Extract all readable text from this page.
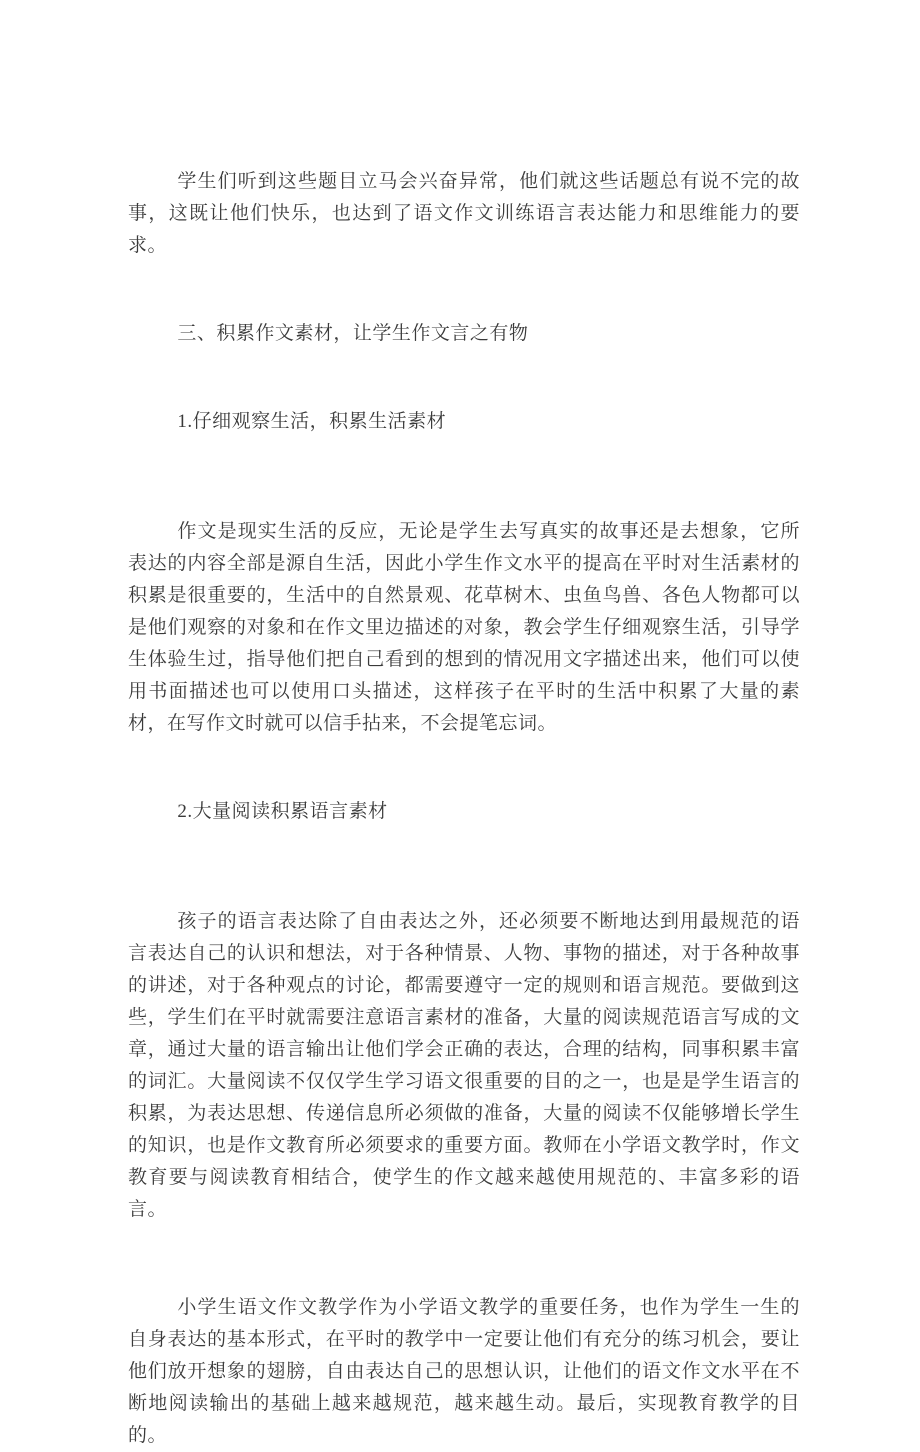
学生们听到这些题目立马会兴奋异常，他们就这些话题总有说不完的故事，这既让他们快乐，也达到了语文作文训练语言表达能力和思维能力的要求。

三、积累作文素材，让学生作文言之有物

1.仔细观察生活，积累生活素材

作文是现实生活的反应，无论是学生去写真实的故事还是去想象，它所表达的内容全部是源自生活，因此小学生作文水平的提高在平时对生活素材的积累是很重要的，生活中的自然景观、花草树木、虫鱼鸟兽、各色人物都可以是他们观察的对象和在作文里边描述的对象，教会学生仔细观察生活，引导学生体验生过，指导他们把自己看到的想到的情况用文字描述出来，他们可以使用书面描述也可以使用口头描述，这样孩子在平时的生活中积累了大量的素材，在写作文时就可以信手拈来，不会提笔忘词。

2.大量阅读积累语言素材

孩子的语言表达除了自由表达之外，还必须要不断地达到用最规范的语言表达自己的认识和想法，对于各种情景、人物、事物的描述，对于各种故事的讲述，对于各种观点的讨论，都需要遵守一定的规则和语言规范。要做到这些，学生们在平时就需要注意语言素材的准备，大量的阅读规范语言写成的文章，通过大量的语言输出让他们学会正确的表达，合理的结构，同事积累丰富的词汇。大量阅读不仅仅学生学习语文很重要的目的之一，也是是学生语言的积累，为表达思想、传递信息所必须做的准备，大量的阅读不仅能够增长学生的知识，也是作文教育所必须要求的重要方面。教师在小学语文教学时，作文教育要与阅读教育相结合，使学生的作文越来越使用规范的、丰富多彩的语言。

小学生语文作文教学作为小学语文教学的重要任务，也作为学生一生的自身表达的基本形式，在平时的教学中一定要让他们有充分的练习机会，要让他们放开想象的翅膀，自由表达自己的思想认识，让他们的语文作文水平在不断地阅读输出的基础上越来越规范，越来越生动。最后，实现教育教学的目的。
